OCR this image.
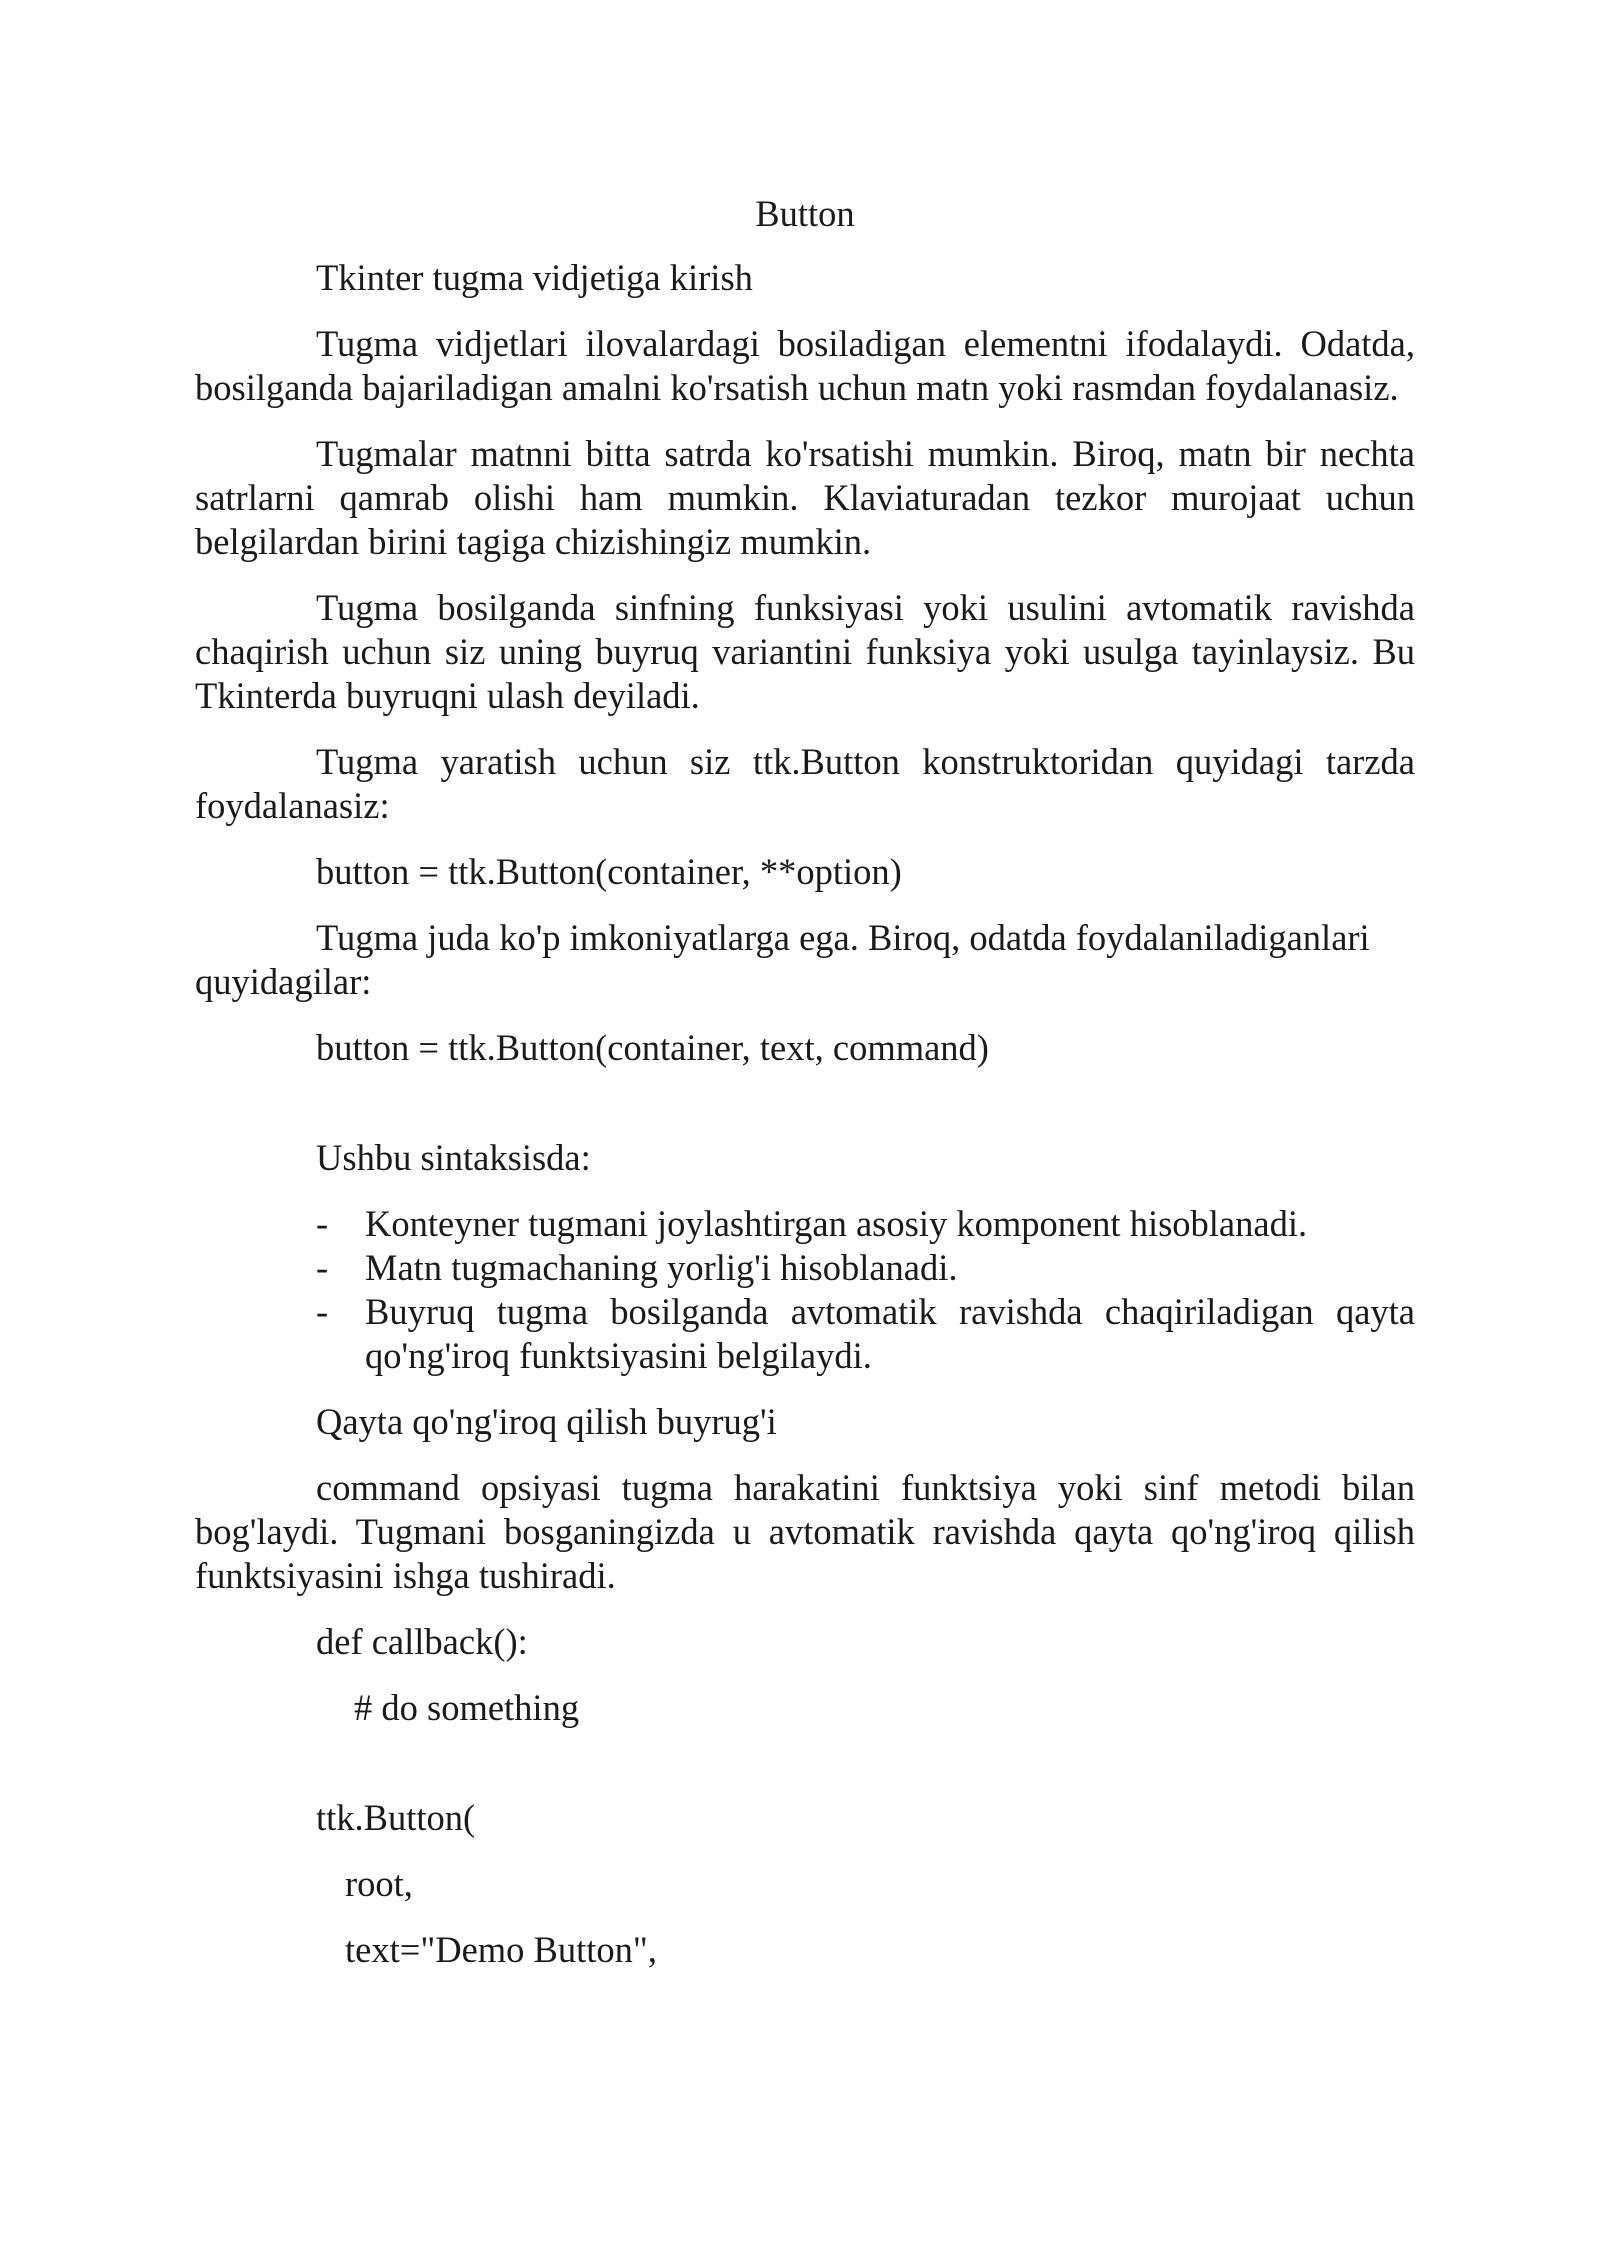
Button
Tkinter tugma vidjetiga kirish

Tugma vidjetlari ilovalardagi bosiladigan elementni ifodalaydi. Odatda, bosilganda bajariladigan amalni ko'rsatish uchun matn yoki rasmdan foydalanasiz.

Tugmalar matnni bitta satrda ko'rsatishi mumkin. Biroq, matn bir nechta satrlarni qamrab olishi ham mumkin. Klaviaturadan tezkor murojaat uchun belgilardan birini tagiga chizishingiz mumkin.

Tugma bosilganda sinfning funksiyasi yoki usulini avtomatik ravishda chaqirish uchun siz uning buyruq variantini funksiya yoki usulga tayinlaysiz. Bu Tkinterda buyruqni ulash deyiladi.

Tugma yaratish uchun siz ttk.Button konstruktoridan quyidagi tarzda foydalanasiz:

button = ttk.Button(container, **option)

Tugma juda ko'p imkoniyatlarga ega. Biroq, odatda foydalaniladiganlari quyidagilar:

button = ttk.Button(container, text, command)
Ushbu sintaksisda:
- Konteyner tugmani joylashtirgan asosiy komponent hisoblanadi.
- Matn tugmachaning yorlig'i hisoblanadi.
- Buyruq tugma bosilganda avtomatik ravishda chaqiriladigan qayta qo'ng'iroq funktsiyasini belgilaydi.
Qayta qo'ng'iroq qilish buyrug'i

command opsiyasi tugma harakatini funktsiya yoki sinf metodi bilan bog'laydi. Tugmani bosganingizda u avtomatik ravishda qayta qo'ng'iroq qilish funktsiyasini ishga tushiradi.

def callback():
# do something
ttk.Button(
root,
text="Demo Button",
